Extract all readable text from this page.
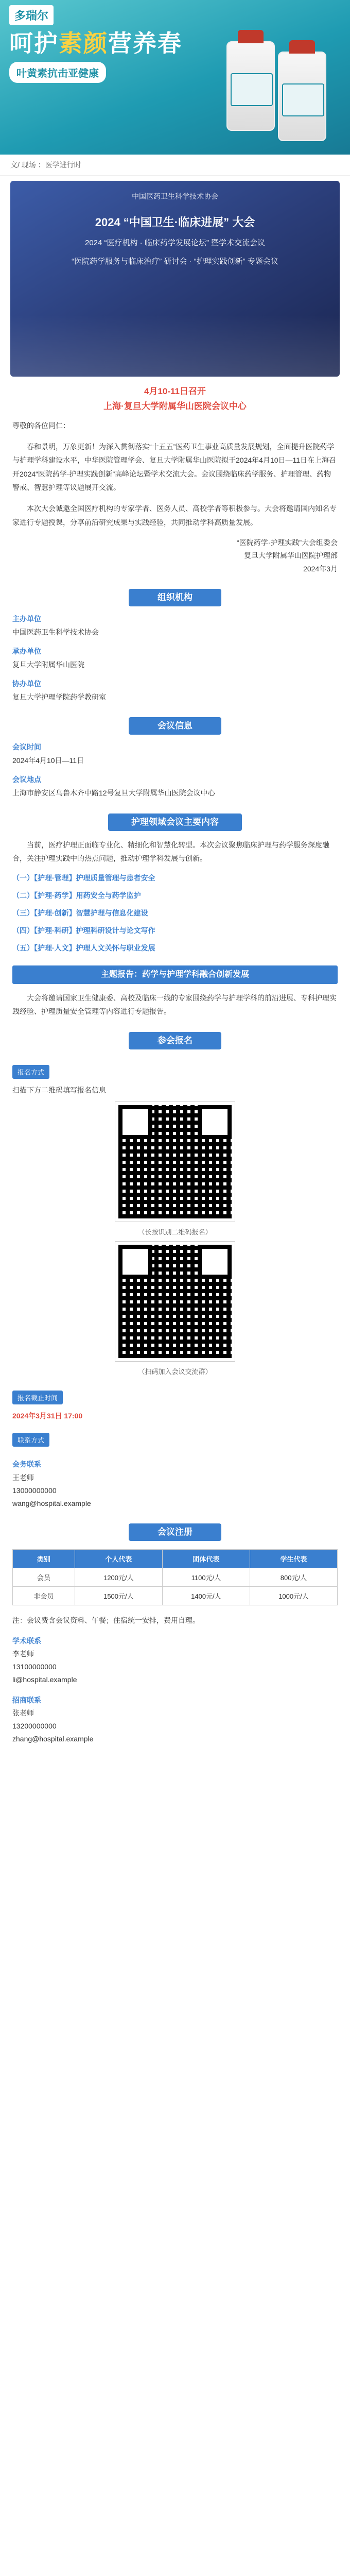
多瑞尔
呵护素颜营养春
叶黄素抗击亚健康
文/ 现场 ：医学进行时
中国医药卫生科学技术协会
2024 “中国卫生·临床进展” 大会
2024 “医疗机构 · 临床药学发展论坛” 暨学术交流会议
“医院药学服务与临床治疗” 研讨会 · “护理实践创新” 专题会议
4月10-11日召开
上海·复旦大学附属华山医院会议中心
尊敬的各位同仁：
春和景明，万象更新！为深入贯彻落实“十五五”医药卫生事业高质量发展规划，全面提升医院药学与护理学科建设水平，中华医院管理学会、复旦大学附属华山医院拟于2024年4月10日—11日在上海召开2024“医院药学·护理实践创新”高峰论坛暨学术交流大会。会议围绕临床药学服务、护理管理、药物警戒、智慧护理等议题展开交流。
本次大会诚邀全国医疗机构的专家学者、医务人员、高校学者等积极参与。大会将邀请国内知名专家进行专题授课，分享前沿研究成果与实践经验，共同推动学科高质量发展。
“医院药学·护理实践”大会组委会
复旦大学附属华山医院护理部
2024年3月
组织机构
主办单位
中国医药卫生科学技术协会
承办单位
复旦大学附属华山医院
协办单位
复旦大学护理学院药学教研室
会议信息
会议时间
2024年4月10日—11日
会议地点
上海市静安区乌鲁木齐中路12号复旦大学附属华山医院会议中心
护理领域会议主要内容
当前，医疗护理正面临专业化、精细化和智慧化转型。本次会议聚焦临床护理与药学服务深度融合，关注护理实践中的热点问题，推动护理学科发展与创新。
（一）【护理·管理】护理质量管理与患者安全
（二）【护理·药学】用药安全与药学监护
（三）【护理·创新】智慧护理与信息化建设
（四）【护理·科研】护理科研设计与论文写作
（五）【护理·人文】护理人文关怀与职业发展
主题报告：药学与护理学科融合创新发展
大会将邀请国家卫生健康委、高校及临床一线的专家围绕药学与护理学科的前沿进展、专科护理实践经验、护理质量安全管理等内容进行专题报告。
参会报名
报名方式
扫描下方二维码填写报名信息
（长按识别二维码报名）
（扫码加入会议交流群）
报名截止时间
2024年3月31日 17:00
联系方式
会务联系
王老师
13000000000
wang@hospital.example
会议注册
类别	个人代表	团体代表	学生代表
会员	1200元/人	1100元/人	800元/人
非会员	1500元/人	1400元/人	1000元/人
注：会议费含会议资料、午餐；住宿统一安排，费用自理。
学术联系
李老师
13100000000
li@hospital.example
招商联系
张老师
13200000000
zhang@hospital.example
